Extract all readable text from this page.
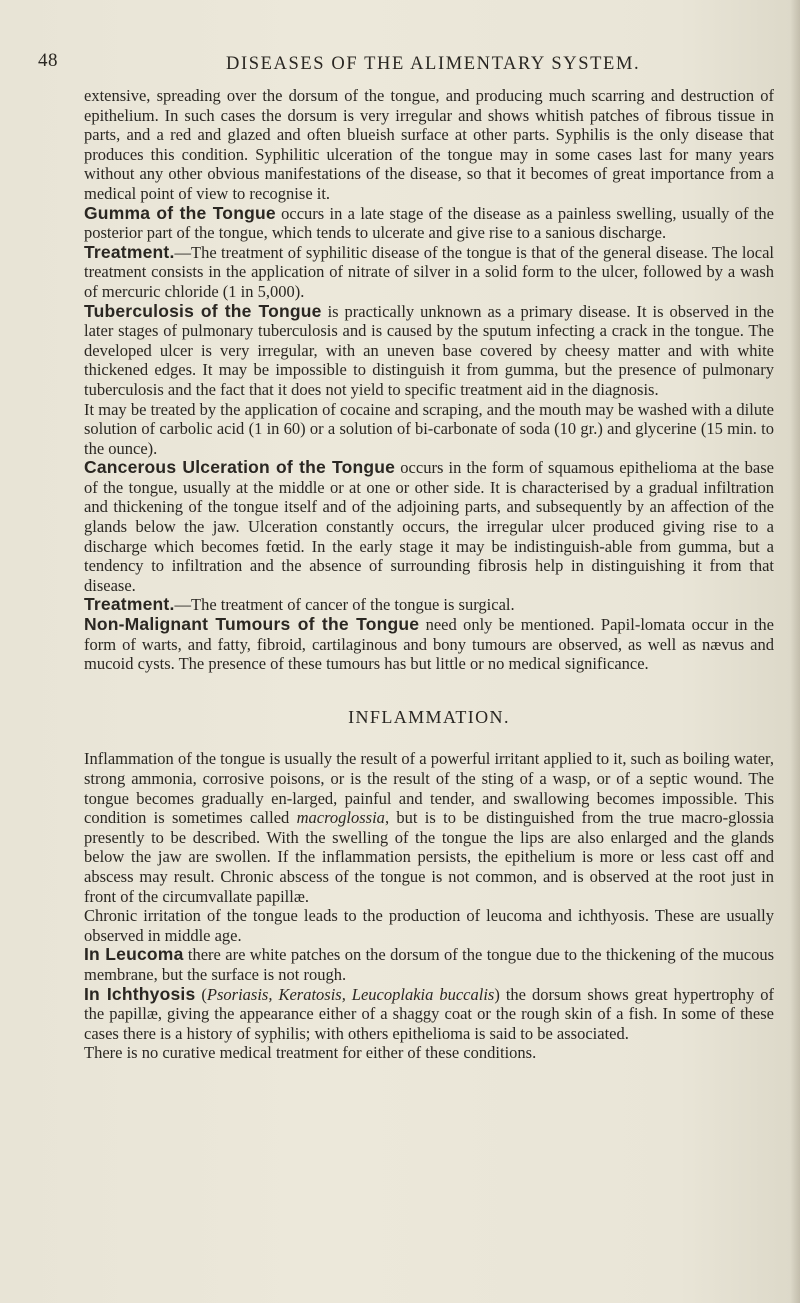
48	DISEASES OF THE ALIMENTARY SYSTEM.

extensive, spreading over the dorsum of the tongue, and producing much scarring and destruction of epithelium. In such cases the dorsum is very irregular and shows whitish patches of fibrous tissue in parts, and a red and glazed and often blueish surface at other parts. Syphilis is the only disease that produces this condition. Syphilitic ulceration of the tongue may in some cases last for many years without any other obvious manifestations of the disease, so that it becomes of great importance from a medical point of view to recognise it.

Gumma of the Tongue occurs in a late stage of the disease as a painless swelling, usually of the posterior part of the tongue, which tends to ulcerate and give rise to a sanious discharge.

Treatment.—The treatment of syphilitic disease of the tongue is that of the general disease. The local treatment consists in the application of nitrate of silver in a solid form to the ulcer, followed by a wash of mercuric chloride (1 in 5,000).

Tuberculosis of the Tongue is practically unknown as a primary disease. It is observed in the later stages of pulmonary tuberculosis and is caused by the sputum infecting a crack in the tongue. The developed ulcer is very irregular, with an uneven base covered by cheesy matter and with white thickened edges. It may be impossible to distinguish it from gumma, but the presence of pulmonary tuberculosis and the fact that it does not yield to specific treatment aid in the diagnosis.

It may be treated by the application of cocaine and scraping, and the mouth may be washed with a dilute solution of carbolic acid (1 in 60) or a solution of bi-carbonate of soda (10 gr.) and glycerine (15 min. to the ounce).

Cancerous Ulceration of the Tongue occurs in the form of squamous epithelioma at the base of the tongue, usually at the middle or at one or other side. It is characterised by a gradual infiltration and thickening of the tongue itself and of the adjoining parts, and subsequently by an affection of the glands below the jaw. Ulceration constantly occurs, the irregular ulcer produced giving rise to a discharge which becomes fœtid. In the early stage it may be indistinguish-able from gumma, but a tendency to infiltration and the absence of surrounding fibrosis help in distinguishing it from that disease.

Treatment.—The treatment of cancer of the tongue is surgical.

Non-Malignant Tumours of the Tongue need only be mentioned. Papil-lomata occur in the form of warts, and fatty, fibroid, cartilaginous and bony tumours are observed, as well as nævus and mucoid cysts. The presence of these tumours has but little or no medical significance.

INFLAMMATION.

Inflammation of the tongue is usually the result of a powerful irritant applied to it, such as boiling water, strong ammonia, corrosive poisons, or is the result of the sting of a wasp, or of a septic wound. The tongue becomes gradually en-larged, painful and tender, and swallowing becomes impossible. This condition is sometimes called macroglossia, but is to be distinguished from the true macro-glossia presently to be described. With the swelling of the tongue the lips are also enlarged and the glands below the jaw are swollen. If the inflammation persists, the epithelium is more or less cast off and abscess may result. Chronic abscess of the tongue is not common, and is observed at the root just in front of the circumvallate papillæ.

Chronic irritation of the tongue leads to the production of leucoma and ichthyosis. These are usually observed in middle age.

In Leucoma there are white patches on the dorsum of the tongue due to the thickening of the mucous membrane, but the surface is not rough.

In Ichthyosis (Psoriasis, Keratosis, Leucoplakia buccalis) the dorsum shows great hypertrophy of the papillæ, giving the appearance either of a shaggy coat or the rough skin of a fish. In some of these cases there is a history of syphilis; with others epithelioma is said to be associated.

There is no curative medical treatment for either of these conditions.
